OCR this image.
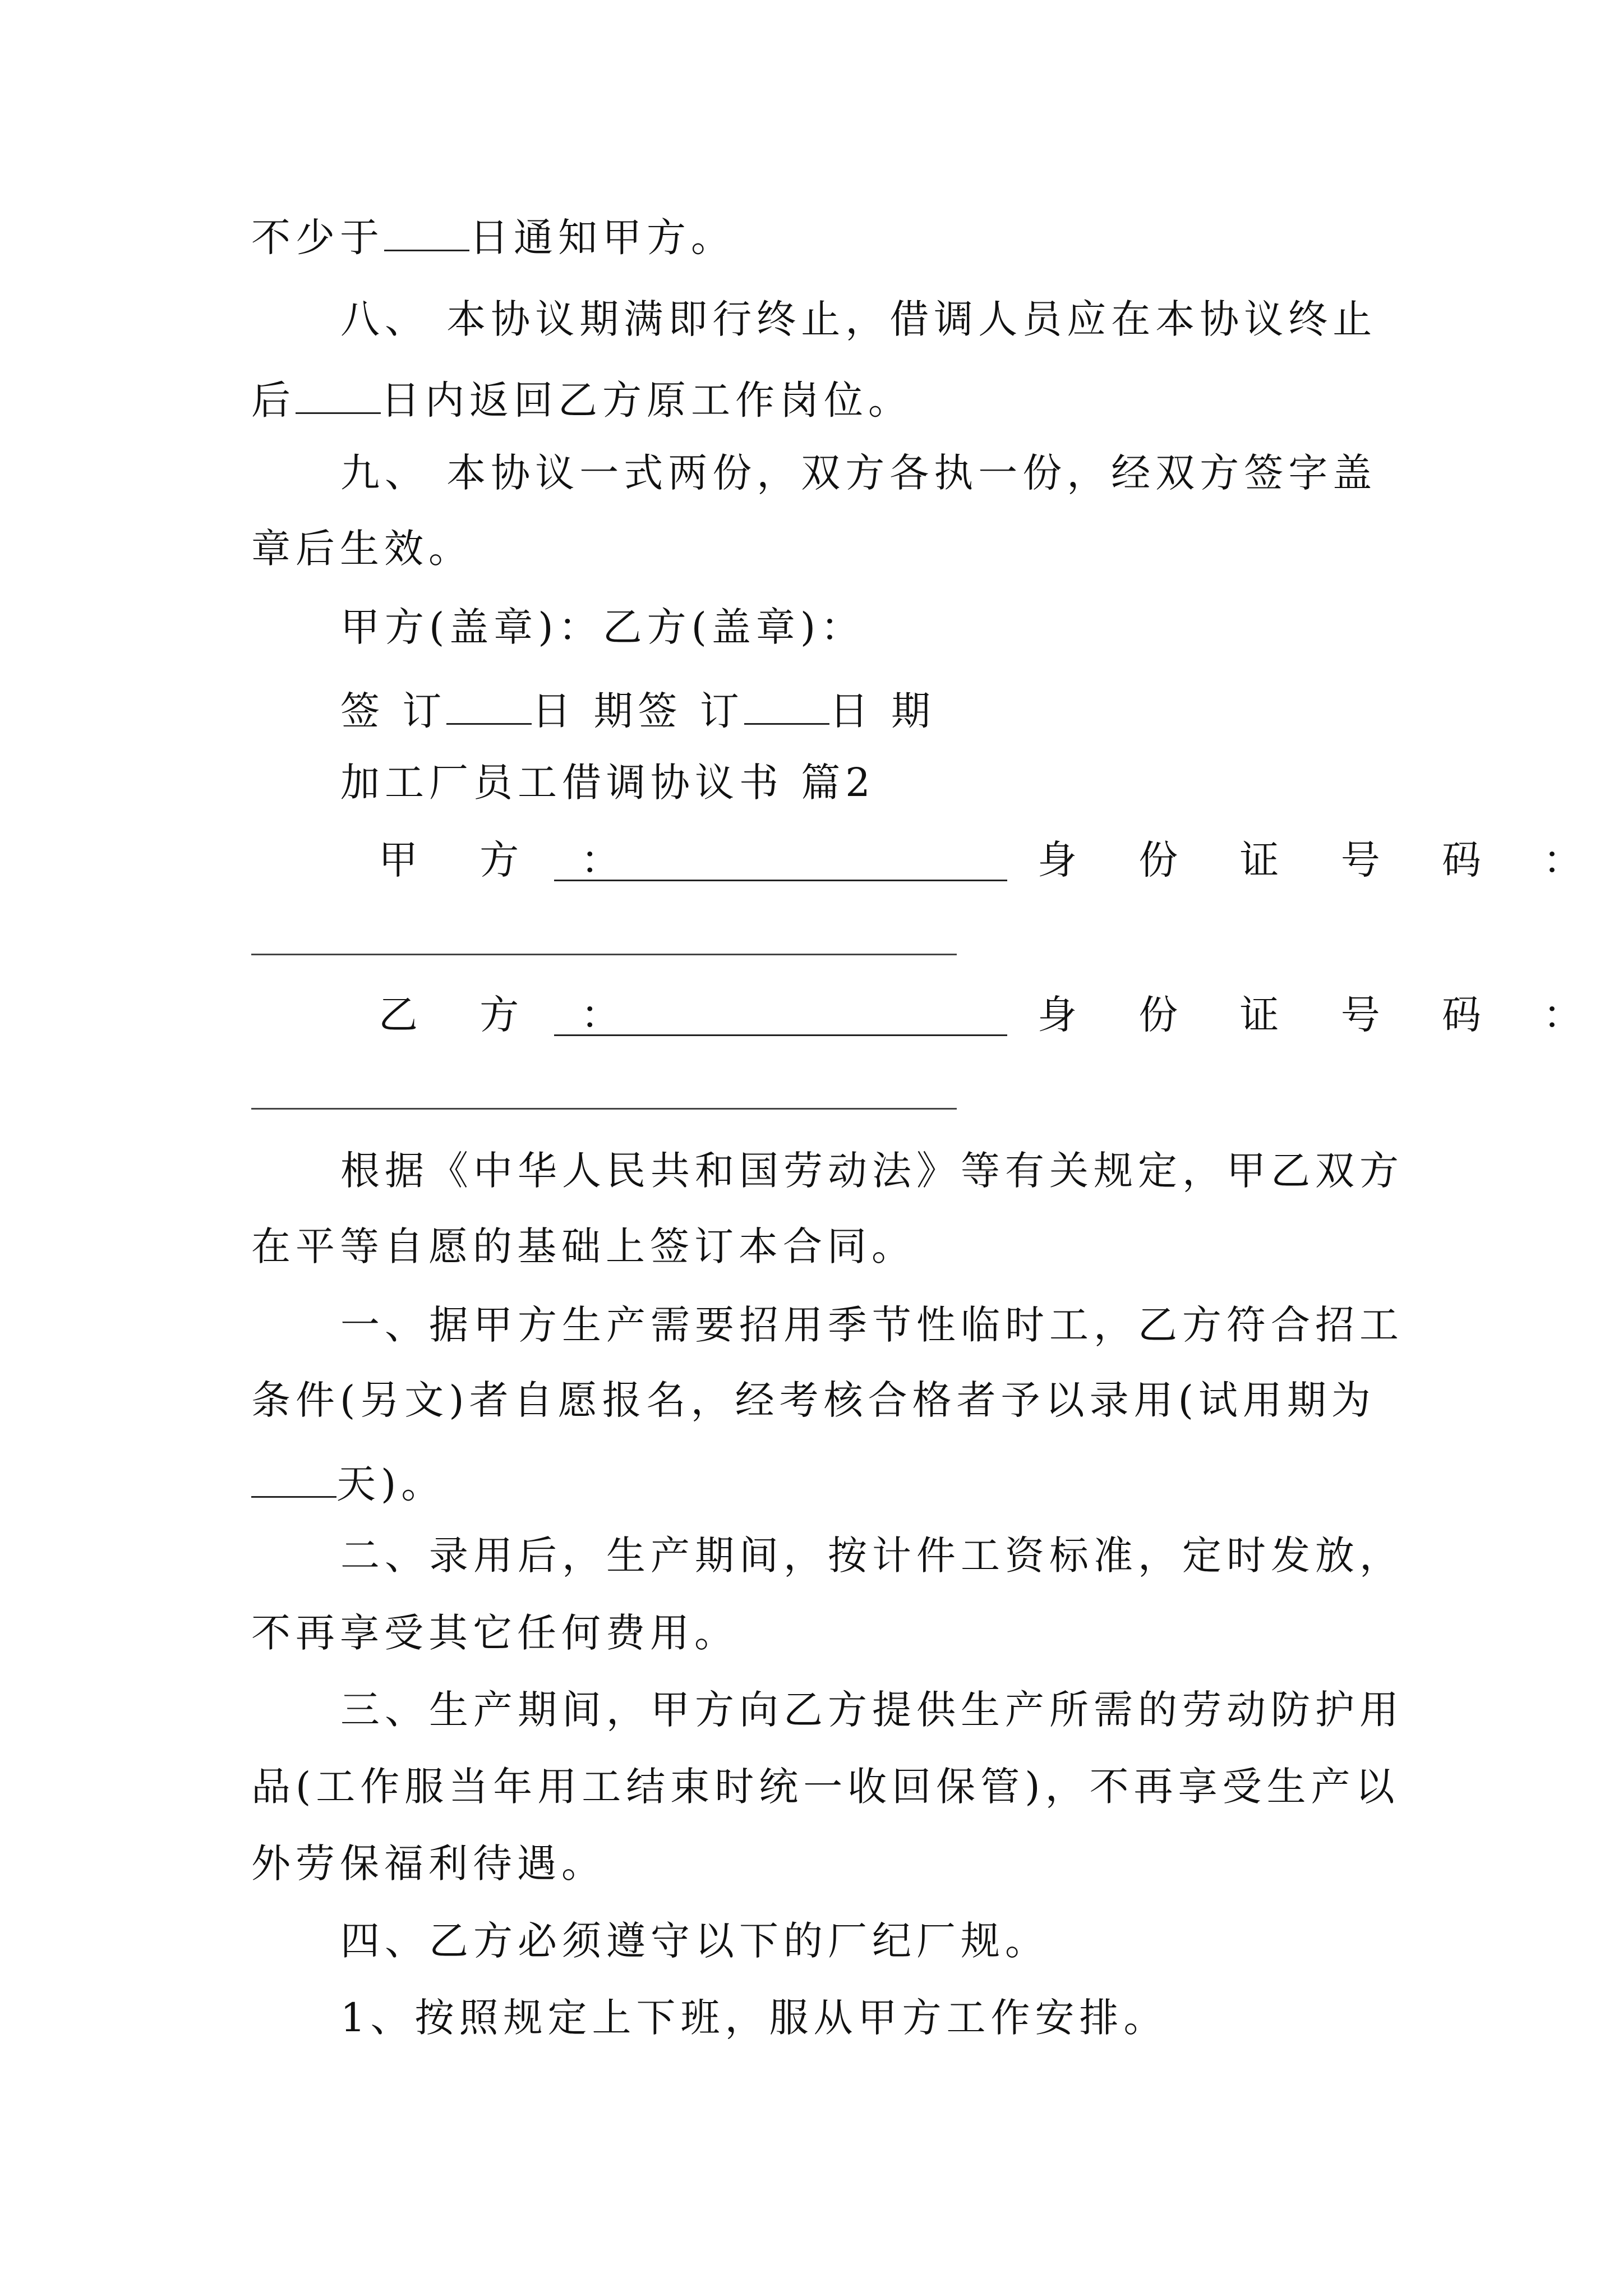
不少于 日通知甲方。
八、 本协议期满即行终止，借调人员应在本协议终止
后 日内返回乙方原工作岗位。
九、 本协议一式两份，双方各执一份，经双方签字盖
章后生效。
甲方(盖章)：乙方(盖章)：
签 订 日 期签 订 日 期
加工厂员工借调协议书 篇2
甲 方 ：	身 份 证 号 码 ：
乙 方 ：	身 份 证 号 码 ：
根据《中华人民共和国劳动法》等有关规定，甲乙双方
在平等自愿的基础上签订本合同。
一、据甲方生产需要招用季节性临时工，乙方符合招工
条件(另文)者自愿报名，经考核合格者予以录用(试用期为
天)。
二、录用后，生产期间，按计件工资标准，定时发放，
不再享受其它任何费用。
三、生产期间，甲方向乙方提供生产所需的劳动防护用
品(工作服当年用工结束时统一收回保管)，不再享受生产以
外劳保福利待遇。
四、乙方必须遵守以下的厂纪厂规。
1、按照规定上下班，服从甲方工作安排。
